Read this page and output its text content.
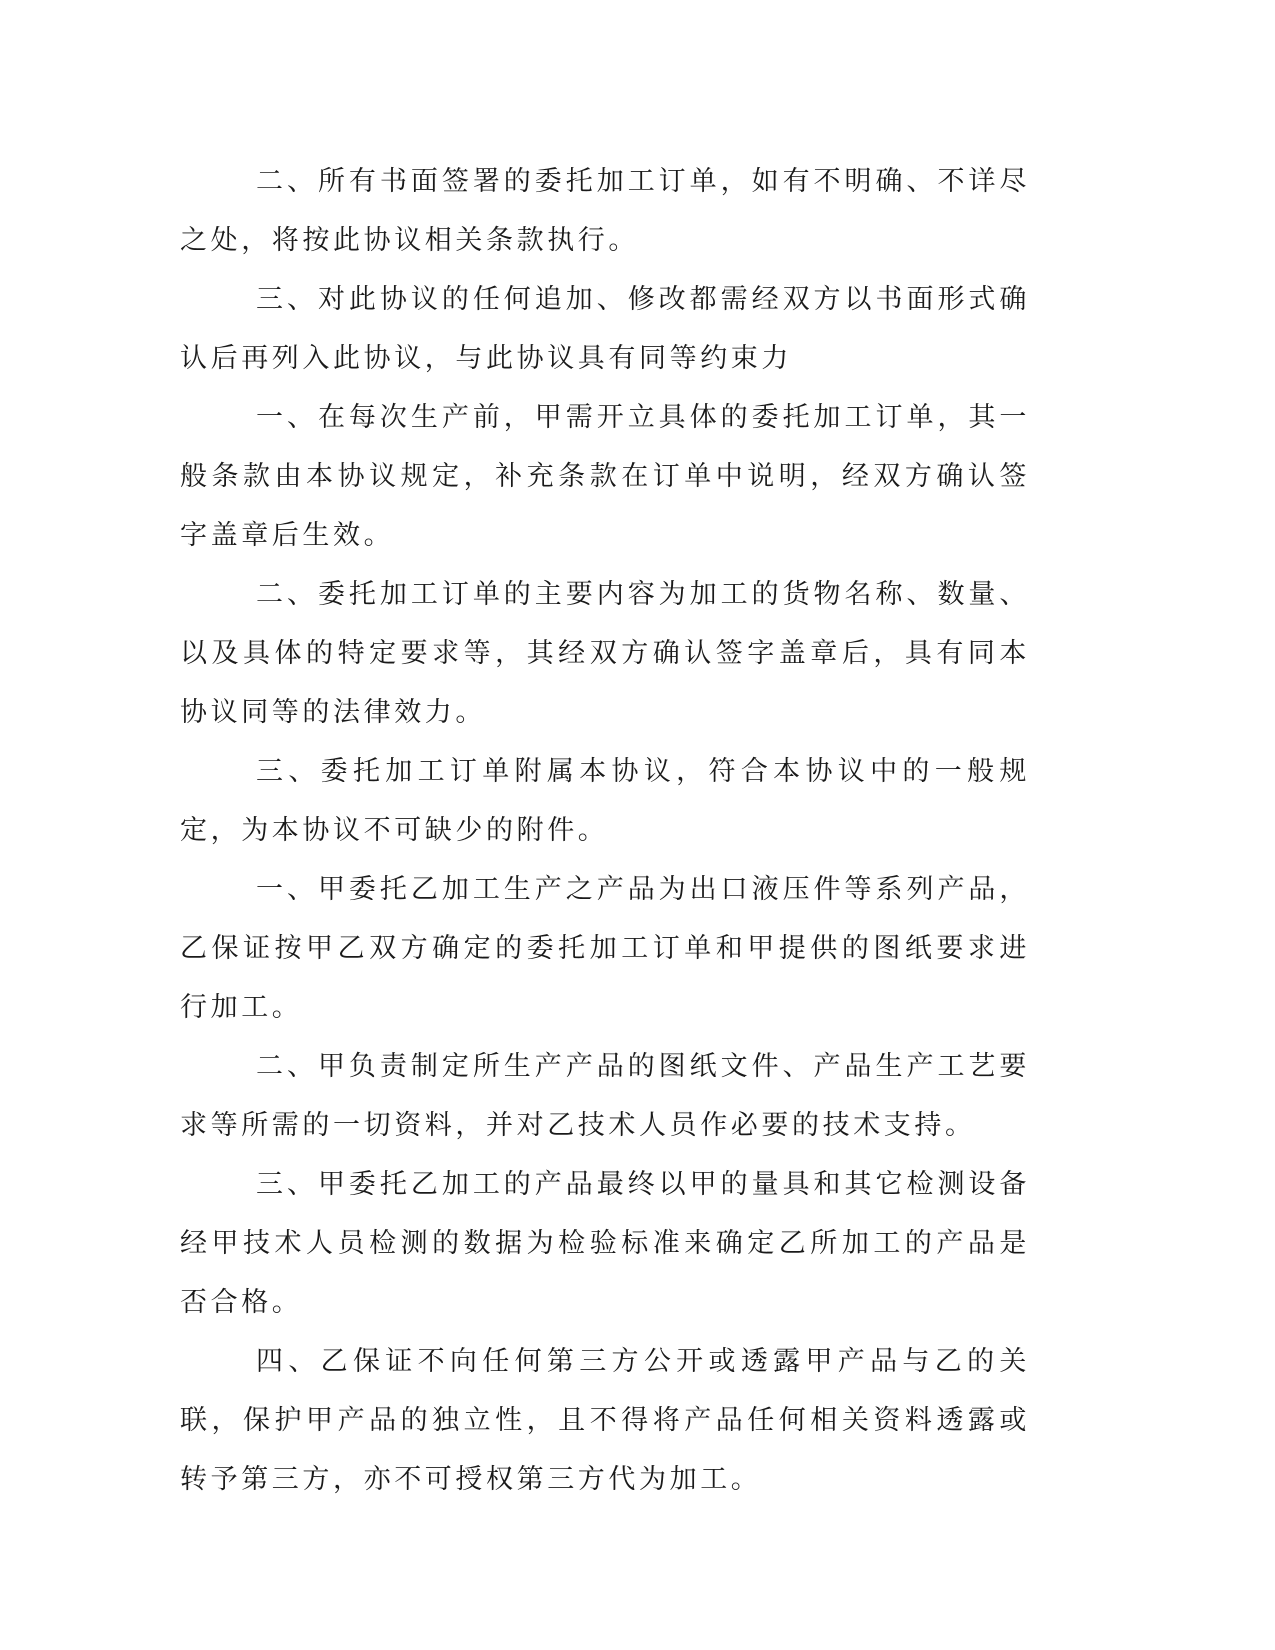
二、所有书面签署的委托加工订单，如有不明确、不详尽之处，将按此协议相关条款执行。

三、对此协议的任何追加、修改都需经双方以书面形式确认后再列入此协议，与此协议具有同等约束力

一、在每次生产前，甲需开立具体的委托加工订单，其一般条款由本协议规定，补充条款在订单中说明，经双方确认签字盖章后生效。

二、委托加工订单的主要内容为加工的货物名称、数量、以及具体的特定要求等，其经双方确认签字盖章后，具有同本协议同等的法律效力。

三、委托加工订单附属本协议，符合本协议中的一般规定，为本协议不可缺少的附件。

一、甲委托乙加工生产之产品为出口液压件等系列产品，乙保证按甲乙双方确定的委托加工订单和甲提供的图纸要求进行加工。

二、甲负责制定所生产产品的图纸文件、产品生产工艺要求等所需的一切资料，并对乙技术人员作必要的技术支持。

三、甲委托乙加工的产品最终以甲的量具和其它检测设备经甲技术人员检测的数据为检验标准来确定乙所加工的产品是否合格。

四、乙保证不向任何第三方公开或透露甲产品与乙的关联，保护甲产品的独立性，且不得将产品任何相关资料透露或转予第三方，亦不可授权第三方代为加工。
